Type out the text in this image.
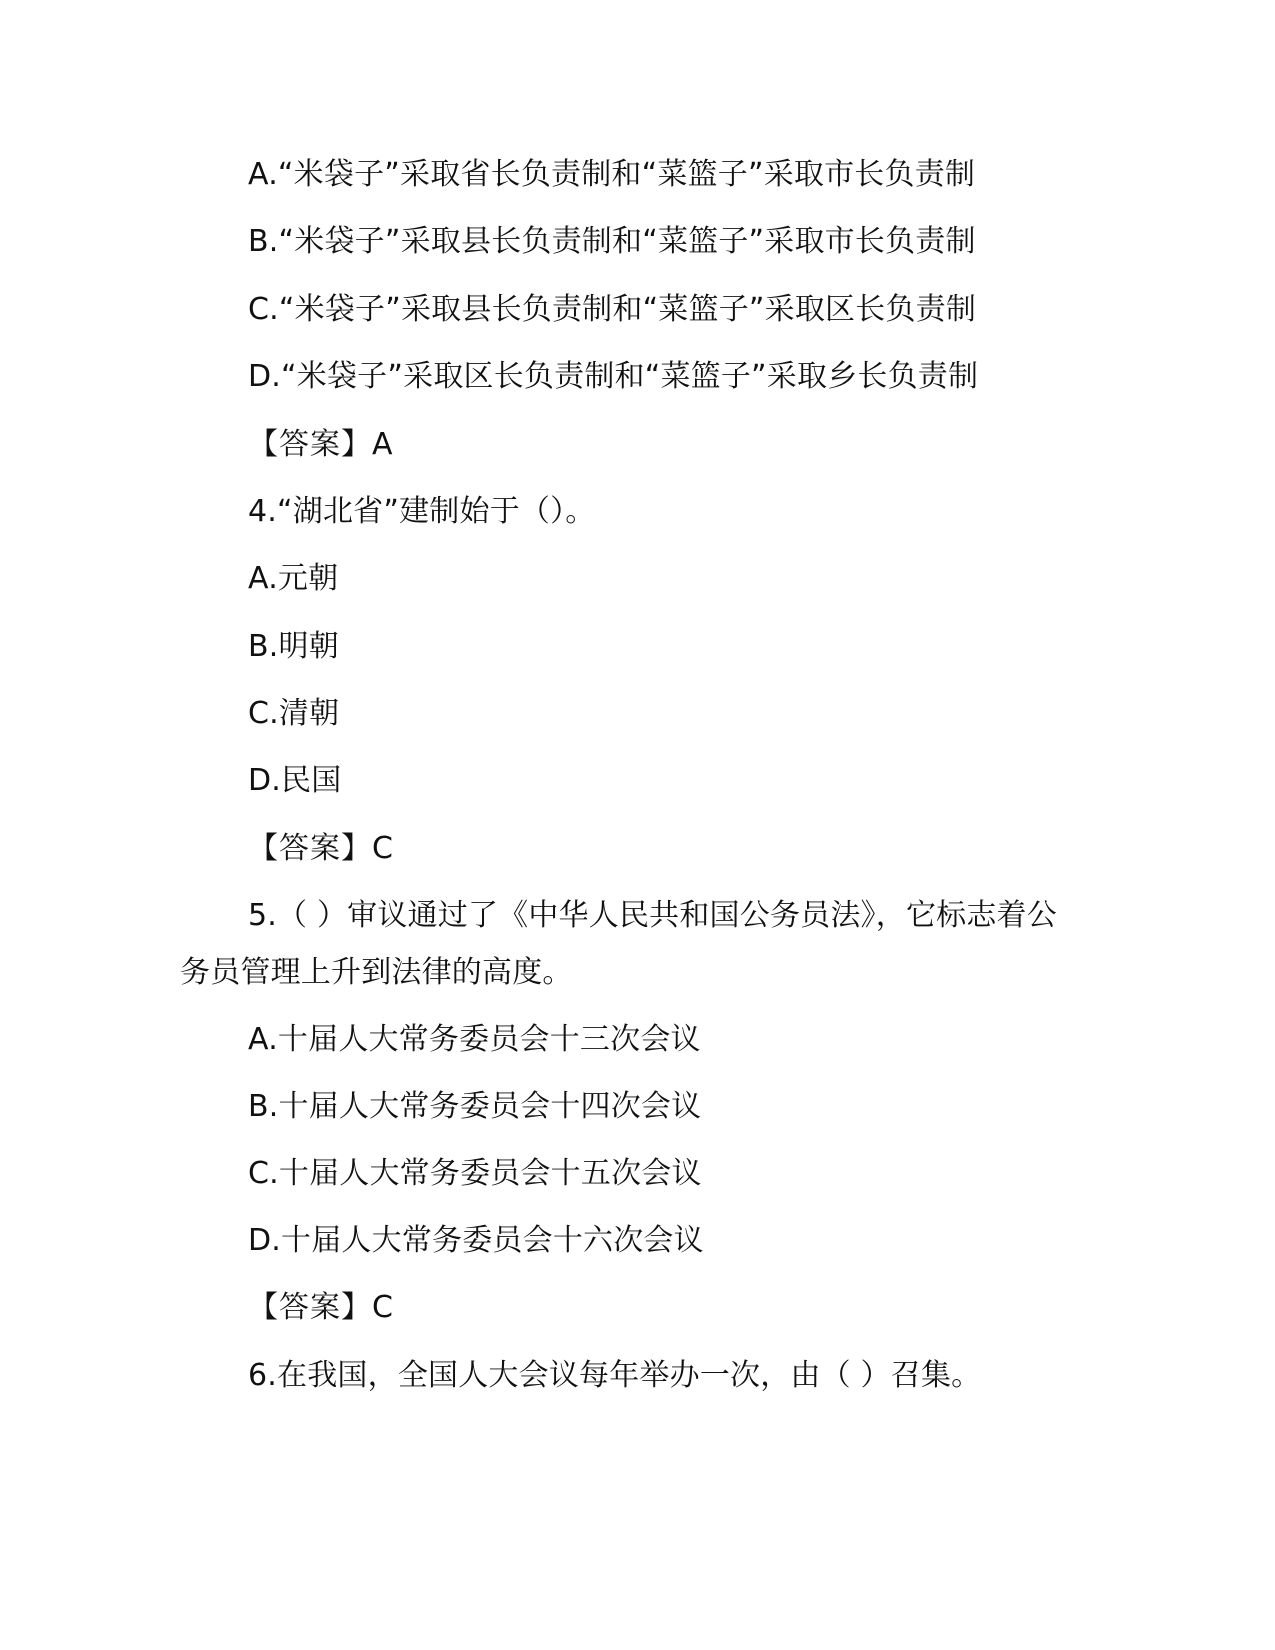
A.“米袋子”采取省长负责制和“菜篮子”采取市长负责制
B.“米袋子”采取县长负责制和“菜篮子”采取市长负责制
C.“米袋子”采取县长负责制和“菜篮子”采取区长负责制
D.“米袋子”采取区长负责制和“菜篮子”采取乡长负责制
【答案】A
4.“湖北省”建制始于（）。
A.元朝
B.明朝
C.清朝
D.民国
【答案】C
5.（ ）审议通过了《中华人民共和国公务员法》，它标志着公务员管理上升到法律的高度。
A.十届人大常务委员会十三次会议
B.十届人大常务委员会十四次会议
C.十届人大常务委员会十五次会议
D.十届人大常务委员会十六次会议
【答案】C
6.在我国，全国人大会议每年举办一次，由（ ）召集。
